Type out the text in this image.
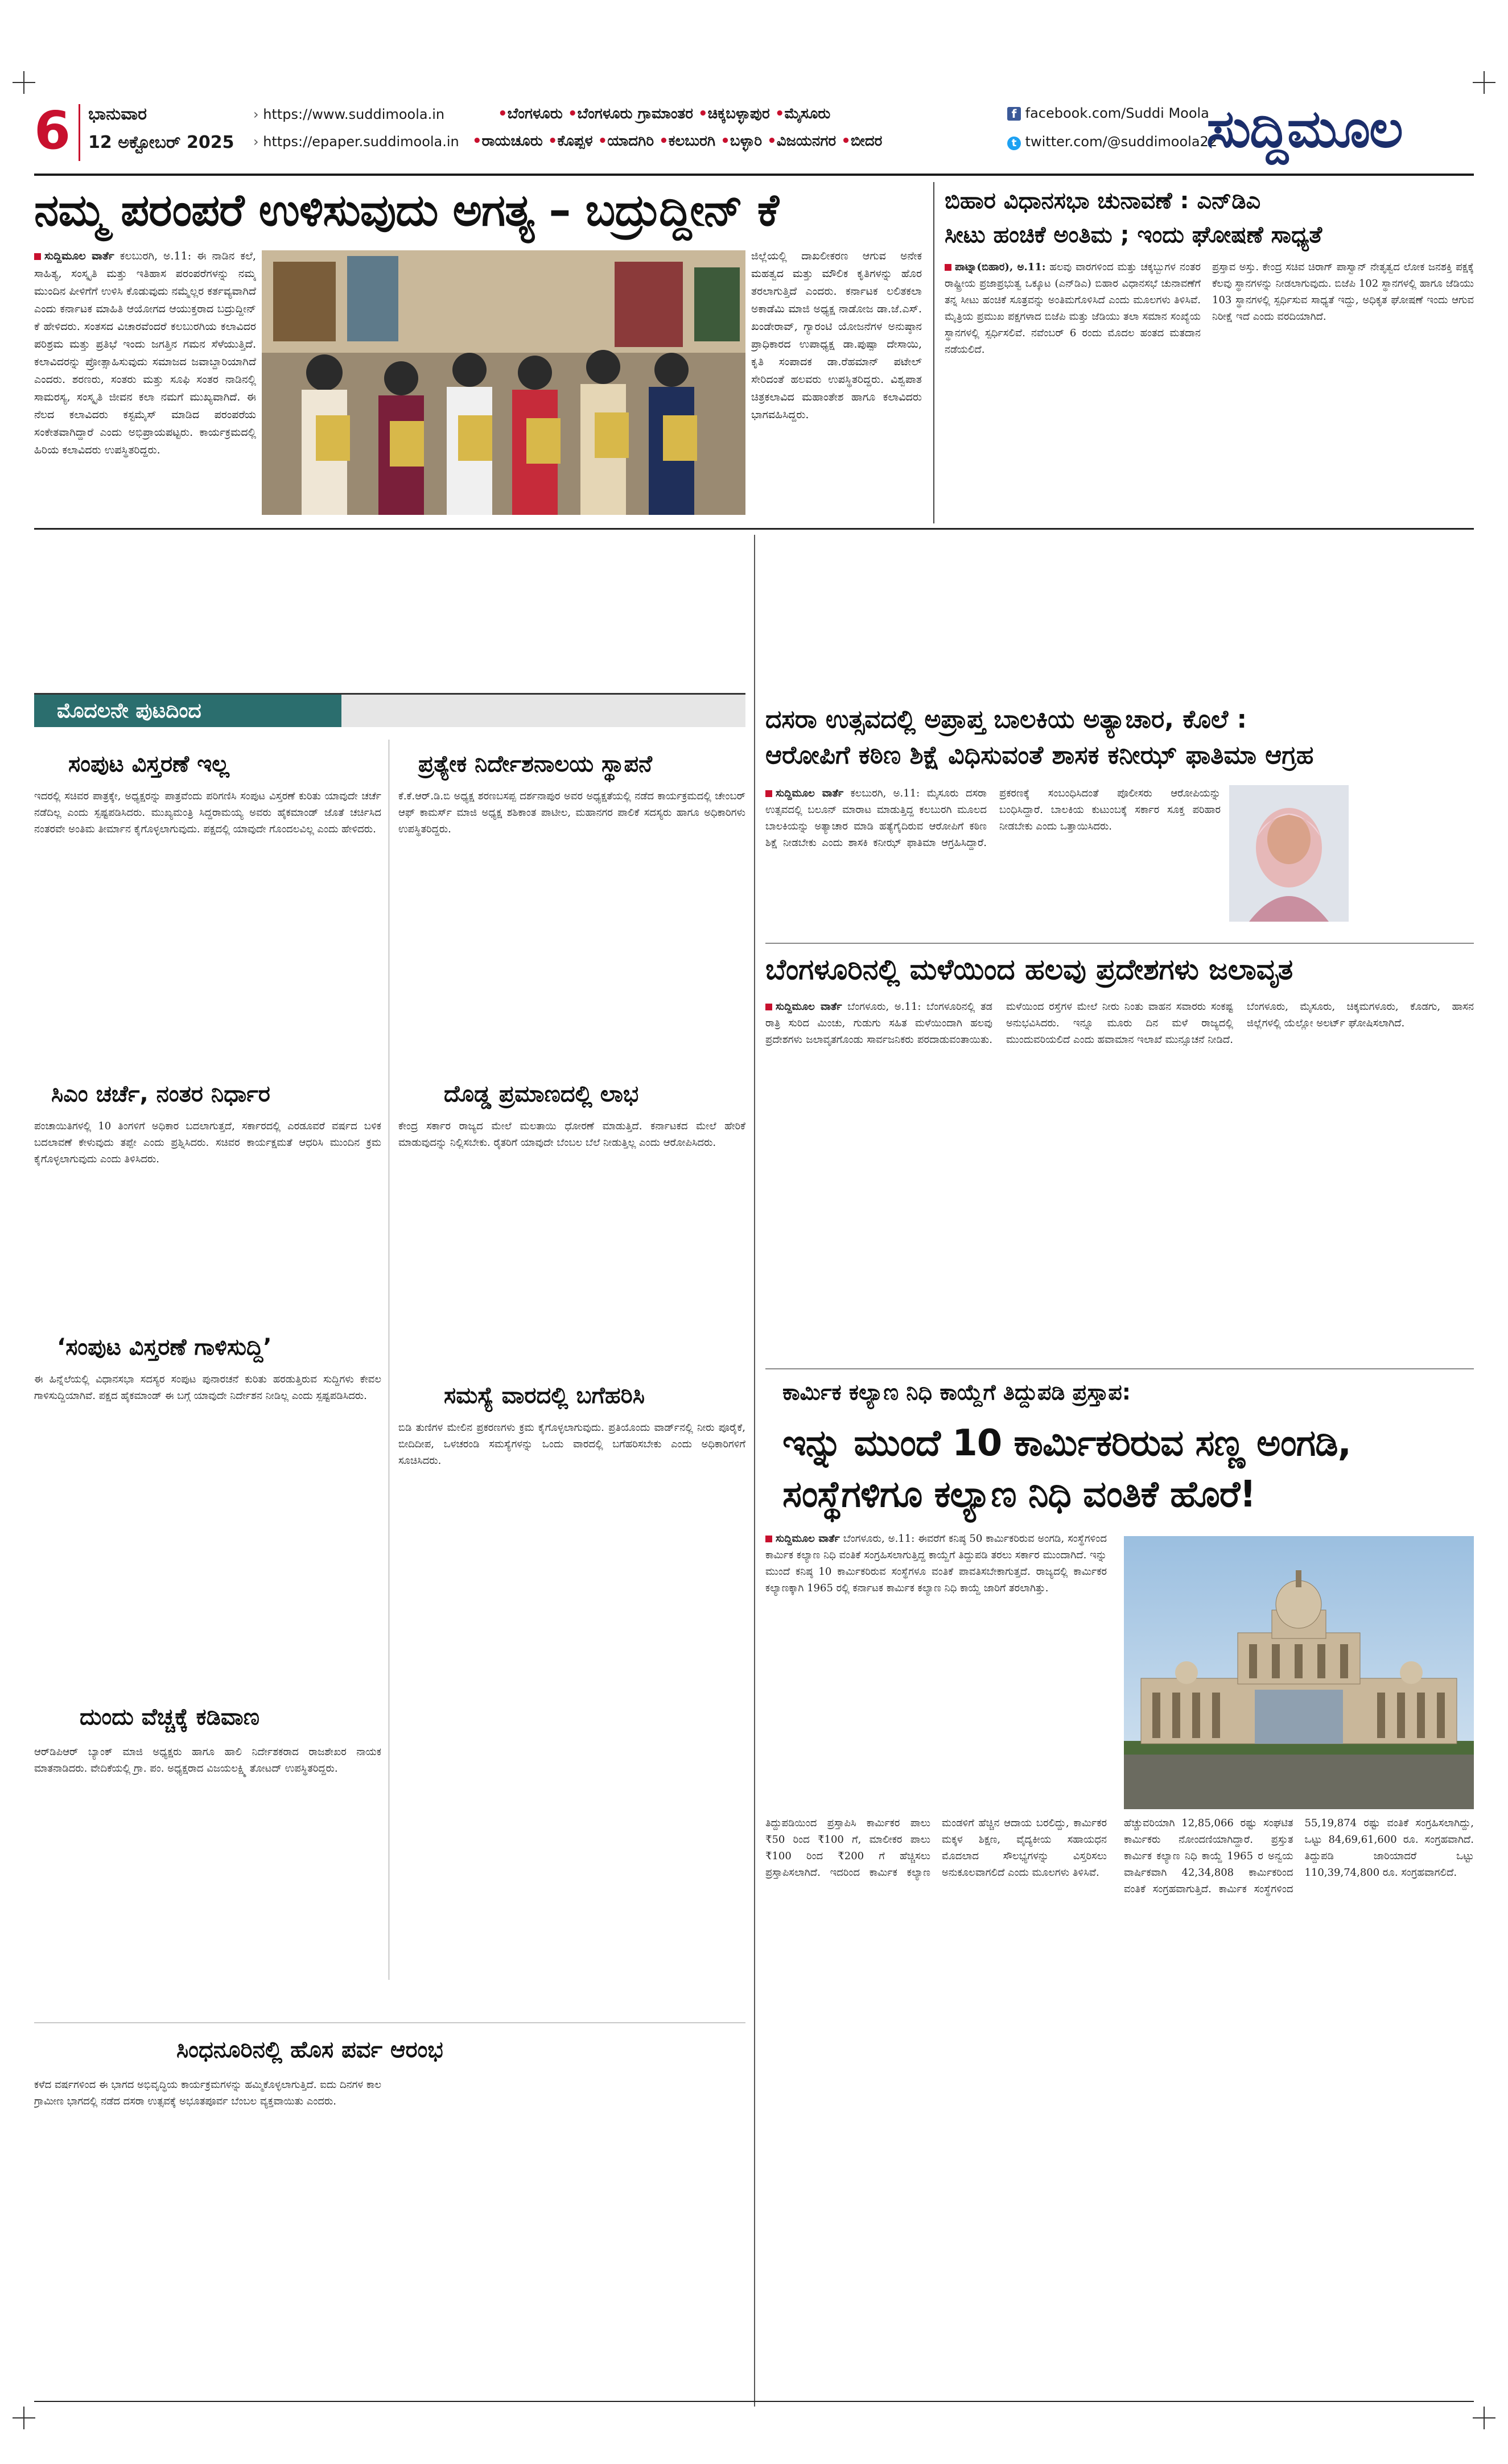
6 ಭಾನುವಾರ
12 ಅಕ್ಟೋಬರ್ 2025
› https://www.suddimoola.in
› https://epaper.suddimoola.in
•ಬೆಂಗಳೂರು •ಬೆಂಗಳೂರು ಗ್ರಾಮಾಂತರ •ಚಿಕ್ಕಬಳ್ಳಾಪುರ •ಮೈಸೂರು
•ರಾಯಚೂರು •ಕೊಪ್ಪಳ •ಯಾದಗಿರಿ •ಕಲಬುರಗಿ •ಬಳ್ಳಾರಿ •ವಿಜಯನಗರ •ಬೀದರ
f facebook.com/Suddi Moola
t twitter.com/@suddimoola22
ಸುದ್ದಿಮೂಲ
ನಮ್ಮ ಪರಂಪರೆ ಉಳಿಸುವುದು ಅಗತ್ಯ – ಬದ್ರುದ್ದೀನ್ ಕೆ
ಸುದ್ದಿಮೂಲ ವಾರ್ತೆ ಕಲಬುರಗಿ, ಅ.11: ಈ ನಾಡಿನ ಕಲೆ, ಸಾಹಿತ್ಯ, ಸಂಸ್ಕೃತಿ ಮತ್ತು ಇತಿಹಾಸ ಪರಂಪರೆಗಳನ್ನು ನಮ್ಮ ಮುಂದಿನ ಪೀಳಿಗೆಗೆ ಉಳಿಸಿ ಕೊಡುವುದು ನಮ್ಮೆಲ್ಲರ ಕರ್ತವ್ಯವಾಗಿದೆ ಎಂದು ಕರ್ನಾಟಕ ಮಾಹಿತಿ ಆಯೋಗದ ಆಯುಕ್ತರಾದ ಬದ್ರುದ್ದೀನ್ ಕೆ ಹೇಳಿದರು. ಸಂತಸದ ವಿಚಾರವೆಂದರೆ ಕಲಬುರಗಿಯ ಕಲಾವಿದರ ಪರಿಶ್ರಮ ಮತ್ತು ಪ್ರತಿಭೆ ಇಂದು ಜಗತ್ತಿನ ಗಮನ ಸೆಳೆಯುತ್ತಿದೆ. ಕಲಾವಿದರನ್ನು ಪ್ರೋತ್ಸಾಹಿಸುವುದು ಸಮಾಜದ ಜವಾಬ್ದಾರಿಯಾಗಿದೆ ಎಂದರು. ಶರಣರು, ಸಂತರು ಮತ್ತು ಸೂಫಿ ಸಂತರ ನಾಡಿನಲ್ಲಿ ಸಾಮರಸ್ಯ, ಸಂಸ್ಕೃತಿ ಜೀವನ ಕಲಾ ನಮಗೆ ಮುಖ್ಯವಾಗಿದೆ. ಈ ನೆಲದ ಕಲಾವಿದರು ಕಸ್ಟಮೈಸ್ ಮಾಡಿದ ಪರಂಪರೆಯ ಸಂಕೇತವಾಗಿದ್ದಾರೆ ಎಂದು ಅಭಿಪ್ರಾಯಪಟ್ಟರು. ಕಾರ್ಯಕ್ರಮದಲ್ಲಿ ಹಿರಿಯ ಕಲಾವಿದರು ಉಪಸ್ಥಿತರಿದ್ದರು.
ಜಿಲ್ಲೆಯಲ್ಲಿ ದಾಖಲೀಕರಣ ಆಗುವ ಅನೇಕ ಮಹತ್ವದ ಮತ್ತು ಮೌಲಿಕ ಕೃತಿಗಳನ್ನು ಹೊರ ತರಲಾಗುತ್ತಿದೆ ಎಂದರು. ಕರ್ನಾಟಕ ಲಲಿತಕಲಾ ಅಕಾಡೆಮಿ ಮಾಜಿ ಅಧ್ಯಕ್ಷ ನಾಡೋಜ ಡಾ.ಜೆ.ಎಸ್. ಖಂಡೇರಾವ್, ಗ್ಯಾರಂಟಿ ಯೋಜನೆಗಳ ಅನುಷ್ಠಾನ ಪ್ರಾಧಿಕಾರದ ಉಪಾಧ್ಯಕ್ಷ ಡಾ.ಪುಷ್ಪಾ ದೇಸಾಯಿ, ಕೃತಿ ಸಂಪಾದಕ ಡಾ.ರೆಹಮಾನ್ ಪಟೇಲ್ ಸೇರಿದಂತೆ ಹಲವರು ಉಪಸ್ಥಿತರಿದ್ದರು. ವಿಶ್ವಪಾತ ಚಿತ್ರಕಲಾವಿದ ಮಹಾಂತೇಶ ಹಾಗೂ ಕಲಾವಿದರು ಭಾಗವಹಿಸಿದ್ದರು.
ಬಿಹಾರ ವಿಧಾನಸಭಾ ಚುನಾವಣೆ : ಎನ್‌ಡಿಎ
ಸೀಟು ಹಂಚಿಕೆ ಅಂತಿಮ ; ಇಂದು ಘೋಷಣೆ ಸಾಧ್ಯತೆ
ಪಾಟ್ನಾ(ಬಿಹಾರ), ಅ.11: ಹಲವು ವಾರಗಳಿಂದ ಮತ್ತು ಚಕ್ಕಬ್ಬುಗಳ ನಂತರ ರಾಷ್ಟ್ರೀಯ ಪ್ರಜಾಪ್ರಭುತ್ವ ಒಕ್ಕೂಟ (ಎನ್‌ಡಿಎ) ಬಿಹಾರ ವಿಧಾನಸಭೆ ಚುನಾವಣೆಗೆ ತನ್ನ ಸೀಟು ಹಂಚಿಕೆ ಸೂತ್ರವನ್ನು ಅಂತಿಮಗೊಳಿಸಿದೆ ಎಂದು ಮೂಲಗಳು ತಿಳಿಸಿವೆ. ಮೈತ್ರಿಯ ಪ್ರಮುಖ ಪಕ್ಷಗಳಾದ ಬಿಜೆಪಿ ಮತ್ತು ಜೆಡಿಯು ತಲಾ ಸಮಾನ ಸಂಖ್ಯೆಯ ಸ್ಥಾನಗಳಲ್ಲಿ ಸ್ಪರ್ಧಿಸಲಿವೆ. ನವೆಂಬರ್ 6 ರಂದು ಮೊದಲ ಹಂತದ ಮತದಾನ ನಡೆಯಲಿದೆ.
ಪ್ರಸ್ತಾವ ಅಸ್ತು. ಕೇಂದ್ರ ಸಚಿವ ಚಿರಾಗ್ ಪಾಸ್ವಾನ್ ನೇತೃತ್ವದ ಲೋಕ ಜನಶಕ್ತಿ ಪಕ್ಷಕ್ಕೆ ಕೆಲವು ಸ್ಥಾನಗಳನ್ನು ನೀಡಲಾಗುವುದು. ಬಿಜೆಪಿ 102 ಸ್ಥಾನಗಳಲ್ಲಿ ಹಾಗೂ ಜೆಡಿಯು 103 ಸ್ಥಾನಗಳಲ್ಲಿ ಸ್ಪರ್ಧಿಸುವ ಸಾಧ್ಯತೆ ಇದ್ದು, ಅಧಿಕೃತ ಘೋಷಣೆ ಇಂದು ಆಗುವ ನಿರೀಕ್ಷೆ ಇದೆ ಎಂದು ವರದಿಯಾಗಿದೆ.
ಮೊದಲನೇ ಪುಟದಿಂದ
ಸಂಪುಟ ವಿಸ್ತರಣೆ ಇಲ್ಲ
ಇದರಲ್ಲಿ ಸಚಿವರ ಪಾತ್ರಕ್ಕೇ, ಅಧ್ಯಕ್ಷರನ್ನು ಪಾತ್ರವೆಂದು ಪರಿಗಣಿಸಿ ಸಂಪುಟ ವಿಸ್ತರಣೆ ಕುರಿತು ಯಾವುದೇ ಚರ್ಚೆ ನಡೆದಿಲ್ಲ ಎಂದು ಸ್ಪಷ್ಟಪಡಿಸಿದರು. ಮುಖ್ಯಮಂತ್ರಿ ಸಿದ್ದರಾಮಯ್ಯ ಅವರು ಹೈಕಮಾಂಡ್ ಜೊತೆ ಚರ್ಚಿಸಿದ ನಂತರವೇ ಅಂತಿಮ ತೀರ್ಮಾನ ಕೈಗೊಳ್ಳಲಾಗುವುದು. ಪಕ್ಷದಲ್ಲಿ ಯಾವುದೇ ಗೊಂದಲವಿಲ್ಲ ಎಂದು ಹೇಳಿದರು.
ಸಿಎಂ ಚರ್ಚೆ, ನಂತರ ನಿರ್ಧಾರ
ಪಂಚಾಯಿತಿಗಳಲ್ಲಿ 10 ತಿಂಗಳಿಗೆ ಅಧಿಕಾರ ಬದಲಾಗುತ್ತದೆ, ಸರ್ಕಾರದಲ್ಲಿ ಎರಡೂವರೆ ವರ್ಷದ ಬಳಿಕ ಬದಲಾವಣೆ ಕೇಳುವುದು ತಪ್ಪೇ ಎಂದು ಪ್ರಶ್ನಿಸಿದರು. ಸಚಿವರ ಕಾರ್ಯಕ್ಷಮತೆ ಆಧರಿಸಿ ಮುಂದಿನ ಕ್ರಮ ಕೈಗೊಳ್ಳಲಾಗುವುದು ಎಂದು ತಿಳಿಸಿದರು.
‘ಸಂಪುಟ ವಿಸ್ತರಣೆ ಗಾಳಿಸುದ್ದಿ’
ಈ ಹಿನ್ನೆಲೆಯಲ್ಲಿ ವಿಧಾನಸಭಾ ಸದಸ್ಯರ ಸಂಪುಟ ಪುನಾರಚನೆ ಕುರಿತು ಹರಡುತ್ತಿರುವ ಸುದ್ದಿಗಳು ಕೇವಲ ಗಾಳಿಸುದ್ದಿಯಾಗಿವೆ. ಪಕ್ಷದ ಹೈಕಮಾಂಡ್ ಈ ಬಗ್ಗೆ ಯಾವುದೇ ನಿರ್ದೇಶನ ನೀಡಿಲ್ಲ ಎಂದು ಸ್ಪಷ್ಟಪಡಿಸಿದರು.
ದುಂದು ವೆಚ್ಚಕ್ಕೆ ಕಡಿವಾಣ
ಆರ್‌ಡಿಪಿಆರ್ ಬ್ಯಾಂಕ್ ಮಾಜಿ ಅಧ್ಯಕ್ಷರು ಹಾಗೂ ಹಾಲಿ ನಿರ್ದೇಶಕರಾದ ರಾಜಶೇಖರ ನಾಯಕ ಮಾತನಾಡಿದರು. ವೇದಿಕೆಯಲ್ಲಿ ಗ್ರಾ. ಪಂ. ಅಧ್ಯಕ್ಷರಾದ ವಿಜಯಲಕ್ಷ್ಮಿ ತೋಟದ್ ಉಪಸ್ಥಿತರಿದ್ದರು.
ಪ್ರತ್ಯೇಕ ನಿರ್ದೇಶನಾಲಯ ಸ್ಥಾಪನೆ
ಕೆ.ಕೆ.ಆರ್.ಡಿ.ಬಿ ಅಧ್ಯಕ್ಷ ಶರಣಬಸಪ್ಪ ದರ್ಶನಾಪುರ ಅವರ ಅಧ್ಯಕ್ಷತೆಯಲ್ಲಿ ನಡೆದ ಕಾರ್ಯಕ್ರಮದಲ್ಲಿ ಚೇಂಬರ್ ಆಫ್ ಕಾಮರ್ಸ್ ಮಾಜಿ ಅಧ್ಯಕ್ಷ ಶಶಿಕಾಂತ ಪಾಟೀಲ, ಮಹಾನಗರ ಪಾಲಿಕೆ ಸದಸ್ಯರು ಹಾಗೂ ಅಧಿಕಾರಿಗಳು ಉಪಸ್ಥಿತರಿದ್ದರು.
ದೊಡ್ಡ ಪ್ರಮಾಣದಲ್ಲಿ ಲಾಭ
ಕೇಂದ್ರ ಸರ್ಕಾರ ರಾಜ್ಯದ ಮೇಲೆ ಮಲತಾಯಿ ಧೋರಣೆ ಮಾಡುತ್ತಿದೆ. ಕರ್ನಾಟಕದ ಮೇಲೆ ಹೇರಿಕೆ ಮಾಡುವುದನ್ನು ನಿಲ್ಲಿಸಬೇಕು. ರೈತರಿಗೆ ಯಾವುದೇ ಬೆಂಬಲ ಬೆಲೆ ನೀಡುತ್ತಿಲ್ಲ ಎಂದು ಆರೋಪಿಸಿದರು.
ಸಮಸ್ಯೆ ವಾರದಲ್ಲಿ ಬಗೆಹರಿಸಿ
ಬಿಡಿ ತುಣಿಗಳ ಮೇಲಿನ ಪ್ರಕರಣಗಳು ಕ್ರಮ ಕೈಗೊಳ್ಳಲಾಗುವುದು. ಪ್ರತಿಯೊಂದು ವಾರ್ಡ್‌ನಲ್ಲಿ ನೀರು ಪೂರೈಕೆ, ಬೀದಿದೀಪ, ಒಳಚರಂಡಿ ಸಮಸ್ಯೆಗಳನ್ನು ಒಂದು ವಾರದಲ್ಲಿ ಬಗೆಹರಿಸಬೇಕು ಎಂದು ಅಧಿಕಾರಿಗಳಿಗೆ ಸೂಚಿಸಿದರು.
ಸಿಂಧನೂರಿನಲ್ಲಿ ಹೊಸ ಪರ್ವ ಆರಂಭ
ಕಳೆದ ವರ್ಷಗಳಿಂದ ಈ ಭಾಗದ ಅಭಿವೃದ್ಧಿಯ ಕಾರ್ಯಕ್ರಮಗಳನ್ನು ಹಮ್ಮಿಕೊಳ್ಳಲಾಗುತ್ತಿದೆ. ಐದು ದಿನಗಳ ಕಾಲ ಗ್ರಾಮೀಣ ಭಾಗದಲ್ಲಿ ನಡೆದ ದಸರಾ ಉತ್ಸವಕ್ಕೆ ಅಭೂತಪೂರ್ವ ಬೆಂಬಲ ವ್ಯಕ್ತವಾಯಿತು ಎಂದರು.
ದಸರಾ ಉತ್ಸವದಲ್ಲಿ ಅಪ್ರಾಪ್ತ ಬಾಲಕಿಯ ಅತ್ಯಾಚಾರ, ಕೊಲೆ :
ಆರೋಪಿಗೆ ಕಠಿಣ ಶಿಕ್ಷೆ ವಿಧಿಸುವಂತೆ ಶಾಸಕ ಕನೀಝ್ ಫಾತಿಮಾ ಆಗ್ರಹ
ಸುದ್ದಿಮೂಲ ವಾರ್ತೆ ಕಲಬುರಗಿ, ಅ.11: ಮೈಸೂರು ದಸರಾ ಉತ್ಸವದಲ್ಲಿ ಬಲೂನ್ ಮಾರಾಟ ಮಾಡುತ್ತಿದ್ದ ಕಲಬುರಗಿ ಮೂಲದ ಬಾಲಕಿಯನ್ನು ಅತ್ಯಾಚಾರ ಮಾಡಿ ಹತ್ಯೆಗೈದಿರುವ ಆರೋಪಿಗೆ ಕಠಿಣ ಶಿಕ್ಷೆ ನೀಡಬೇಕು ಎಂದು ಶಾಸಕಿ ಕನೀಝ್ ಫಾತಿಮಾ ಆಗ್ರಹಿಸಿದ್ದಾರೆ. ಪ್ರಕರಣಕ್ಕೆ ಸಂಬಂಧಿಸಿದಂತೆ ಪೊಲೀಸರು ಆರೋಪಿಯನ್ನು ಬಂಧಿಸಿದ್ದಾರೆ. ಬಾಲಕಿಯ ಕುಟುಂಬಕ್ಕೆ ಸರ್ಕಾರ ಸೂಕ್ತ ಪರಿಹಾರ ನೀಡಬೇಕು ಎಂದು ಒತ್ತಾಯಿಸಿದರು.
ಬೆಂಗಳೂರಿನಲ್ಲಿ ಮಳೆಯಿಂದ ಹಲವು ಪ್ರದೇಶಗಳು ಜಲಾವೃತ
ಸುದ್ದಿಮೂಲ ವಾರ್ತೆ ಬೆಂಗಳೂರು, ಅ.11: ಬೆಂಗಳೂರಿನಲ್ಲಿ ತಡ ರಾತ್ರಿ ಸುರಿದ ಮಿಂಚು, ಗುಡುಗು ಸಹಿತ ಮಳೆಯಿಂದಾಗಿ ಹಲವು ಪ್ರದೇಶಗಳು ಜಲಾವೃತಗೊಂಡು ಸಾರ್ವಜನಿಕರು ಪರದಾಡುವಂತಾಯಿತು. ಮಳೆಯಿಂದ ರಸ್ತೆಗಳ ಮೇಲೆ ನೀರು ನಿಂತು ವಾಹನ ಸವಾರರು ಸಂಕಷ್ಟ ಅನುಭವಿಸಿದರು. ಇನ್ನೂ ಮೂರು ದಿನ ಮಳೆ ರಾಜ್ಯದಲ್ಲಿ ಮುಂದುವರಿಯಲಿದೆ ಎಂದು ಹವಾಮಾನ ಇಲಾಖೆ ಮುನ್ಸೂಚನೆ ನೀಡಿದೆ. ಬೆಂಗಳೂರು, ಮೈಸೂರು, ಚಿಕ್ಕಮಗಳೂರು, ಕೊಡಗು, ಹಾಸನ ಜಿಲ್ಲೆಗಳಲ್ಲಿ ಯೆಲ್ಲೋ ಅಲರ್ಟ್ ಘೋಷಿಸಲಾಗಿದೆ.
ಕಾರ್ಮಿಕ ಕಲ್ಯಾಣ ನಿಧಿ ಕಾಯ್ದೆಗೆ ತಿದ್ದುಪಡಿ ಪ್ರಸ್ತಾಪ:
ಇನ್ನು ಮುಂದೆ 10 ಕಾರ್ಮಿಕರಿರುವ ಸಣ್ಣ ಅಂಗಡಿ,
ಸಂಸ್ಥೆಗಳಿಗೂ ಕಲ್ಯಾಣ ನಿಧಿ ವಂತಿಕೆ ಹೊರೆ!
ಸುದ್ದಿಮೂಲ ವಾರ್ತೆ ಬೆಂಗಳೂರು, ಅ.11: ಈವರೆಗೆ ಕನಿಷ್ಠ 50 ಕಾರ್ಮಿಕರಿರುವ ಅಂಗಡಿ, ಸಂಸ್ಥೆಗಳಿಂದ ಕಾರ್ಮಿಕ ಕಲ್ಯಾಣ ನಿಧಿ ವಂತಿಕೆ ಸಂಗ್ರಹಿಸಲಾಗುತ್ತಿದ್ದ ಕಾಯ್ದೆಗೆ ತಿದ್ದುಪಡಿ ತರಲು ಸರ್ಕಾರ ಮುಂದಾಗಿದೆ. ಇನ್ನು ಮುಂದೆ ಕನಿಷ್ಠ 10 ಕಾರ್ಮಿಕರಿರುವ ಸಂಸ್ಥೆಗಳೂ ವಂತಿಕೆ ಪಾವತಿಸಬೇಕಾಗುತ್ತದೆ. ರಾಜ್ಯದಲ್ಲಿ ಕಾರ್ಮಿಕರ ಕಲ್ಯಾಣಕ್ಕಾಗಿ 1965 ರಲ್ಲಿ ಕರ್ನಾಟಕ ಕಾರ್ಮಿಕ ಕಲ್ಯಾಣ ನಿಧಿ ಕಾಯ್ದೆ ಜಾರಿಗೆ ತರಲಾಗಿತ್ತು.
ತಿದ್ದುಪಡಿಯಿಂದ ಪ್ರಸ್ತಾಪಿಸಿ ಕಾರ್ಮಿಕರ ಪಾಲು ₹50 ರಿಂದ ₹100 ಗೆ, ಮಾಲೀಕರ ಪಾಲು ₹100 ರಿಂದ ₹200 ಗೆ ಹೆಚ್ಚಿಸಲು ಪ್ರಸ್ತಾಪಿಸಲಾಗಿದೆ. ಇದರಿಂದ ಕಾರ್ಮಿಕ ಕಲ್ಯಾಣ ಮಂಡಳಿಗೆ ಹೆಚ್ಚಿನ ಆದಾಯ ಬರಲಿದ್ದು, ಕಾರ್ಮಿಕರ ಮಕ್ಕಳ ಶಿಕ್ಷಣ, ವೈದ್ಯಕೀಯ ಸಹಾಯಧನ ಮೊದಲಾದ ಸೌಲಭ್ಯಗಳನ್ನು ವಿಸ್ತರಿಸಲು ಅನುಕೂಲವಾಗಲಿದೆ ಎಂದು ಮೂಲಗಳು ತಿಳಿಸಿವೆ.
ಹೆಚ್ಚುವರಿಯಾಗಿ 12,85,066 ರಷ್ಟು ಸಂಘಟಿತ ಕಾರ್ಮಿಕರು ನೋಂದಣಿಯಾಗಿದ್ದಾರೆ. ಪ್ರಸ್ತುತ ಕಾರ್ಮಿಕ ಕಲ್ಯಾಣ ನಿಧಿ ಕಾಯ್ದೆ 1965 ರ ಅನ್ವಯ ವಾರ್ಷಿಕವಾಗಿ 42,34,808 ಕಾರ್ಮಿಕರಿಂದ ವಂತಿಕೆ ಸಂಗ್ರಹವಾಗುತ್ತಿದೆ. ಕಾರ್ಮಿಕ ಸಂಸ್ಥೆಗಳಿಂದ 55,19,874 ರಷ್ಟು ವಂತಿಕೆ ಸಂಗ್ರಹಿಸಲಾಗಿದ್ದು, ಒಟ್ಟು 84,69,61,600 ರೂ. ಸಂಗ್ರಹವಾಗಿದೆ. ತಿದ್ದುಪಡಿ ಜಾರಿಯಾದರೆ ಒಟ್ಟು 110,39,74,800 ರೂ. ಸಂಗ್ರಹವಾಗಲಿದೆ.
